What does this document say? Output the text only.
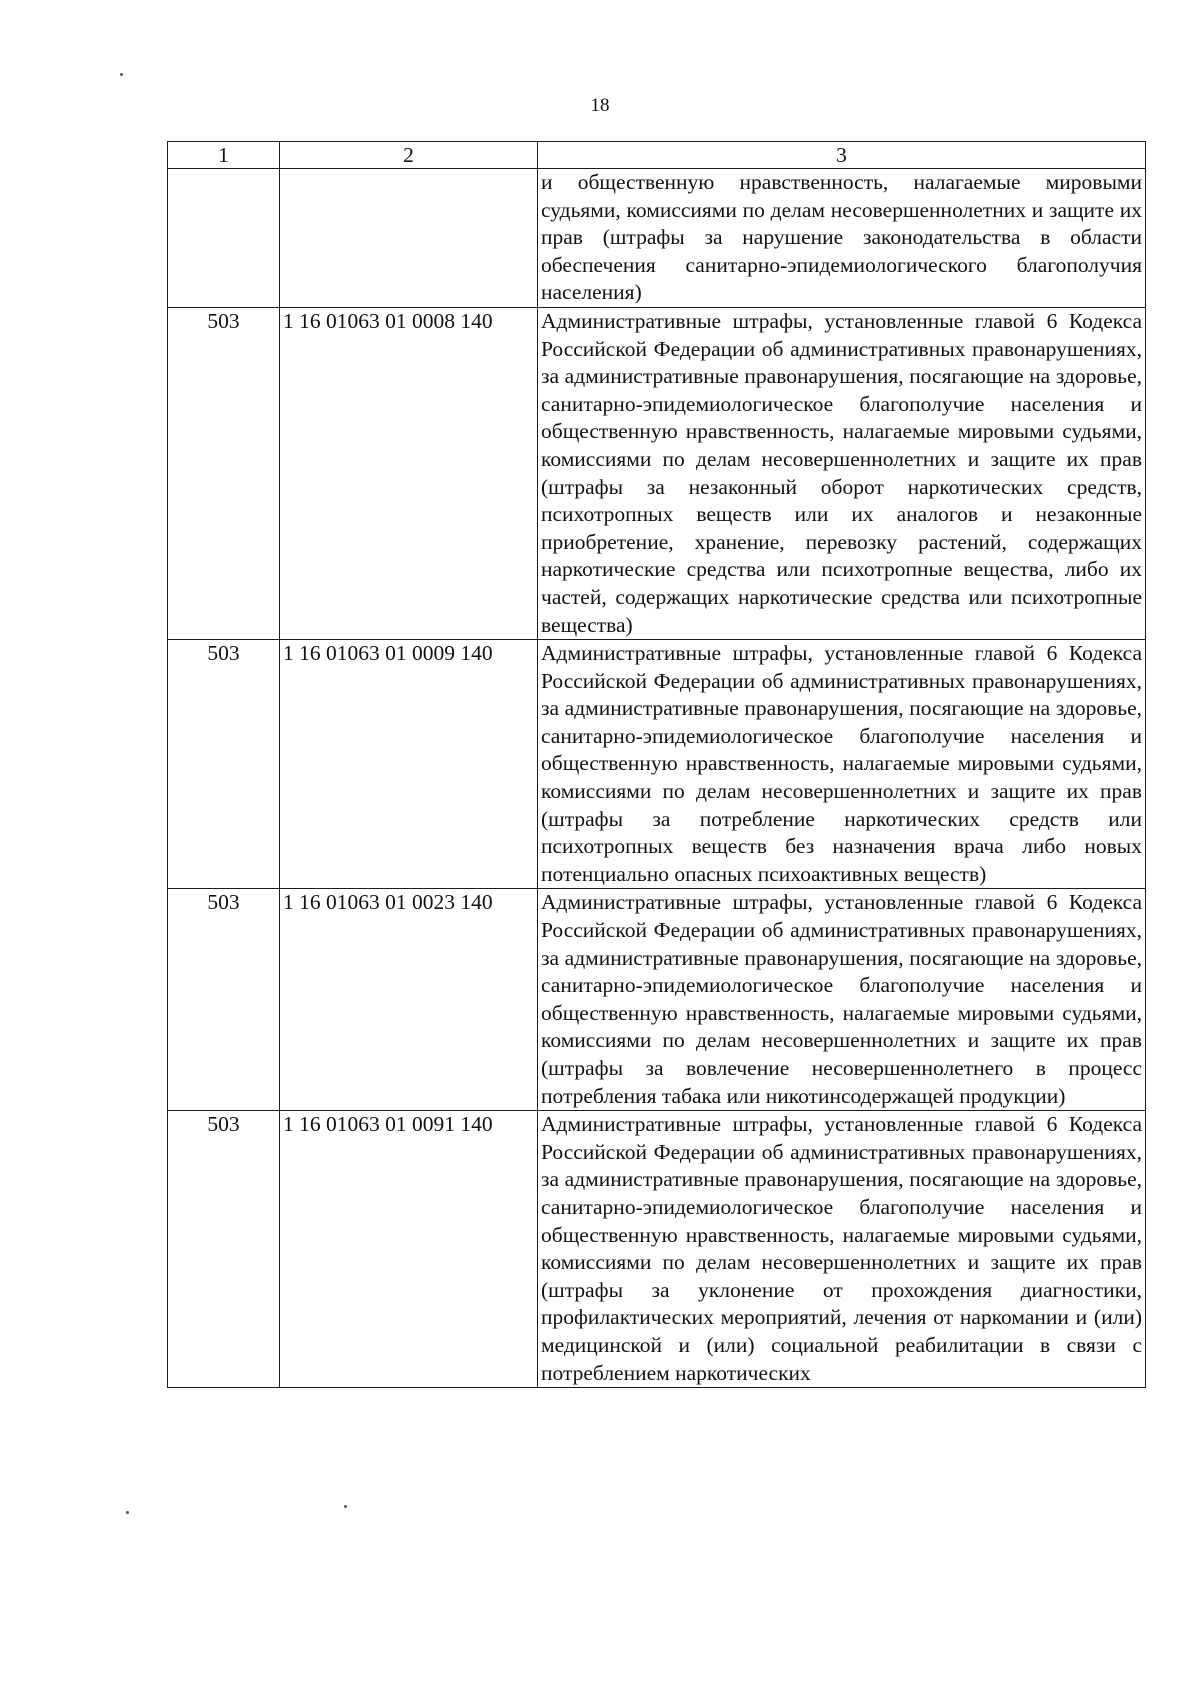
18
1	2	3
		и общественную нравственность, налагаемые мировыми судьями, комиссиями по делам несовершеннолетних и защите их прав (штрафы за нарушение законодательства в области обеспечения санитарно-эпидемиологического благополучия населения)
503	1 16 01063 01 0008 140	Административные штрафы, установленные главой 6 Кодекса Российской Федерации об административных правонарушениях, за административные правонарушения, посягающие на здоровье, санитарно-эпидемиологическое благополучие населения и общественную нравственность, налагаемые мировыми судьями, комиссиями по делам несовершеннолетних и защите их прав (штрафы за незаконный оборот наркотических средств, психотропных веществ или их аналогов и незаконные приобретение, хранение, перевозку растений, содержащих наркотические средства или психотропные вещества, либо их частей, содержащих наркотические средства или психотропные вещества)
503	1 16 01063 01 0009 140	Административные штрафы, установленные главой 6 Кодекса Российской Федерации об административных правонарушениях, за административные правонарушения, посягающие на здоровье, санитарно-эпидемиологическое благополучие населения и общественную нравственность, налагаемые мировыми судьями, комиссиями по делам несовершеннолетних и защите их прав (штрафы за потребление наркотических средств или психотропных веществ без назначения врача либо новых потенциально опасных психоактивных веществ)
503	1 16 01063 01 0023 140	Административные штрафы, установленные главой 6 Кодекса Российской Федерации об административных правонарушениях, за административные правонарушения, посягающие на здоровье, санитарно-эпидемиологическое благополучие населения и общественную нравственность, налагаемые мировыми судьями, комиссиями по делам несовершеннолетних и защите их прав (штрафы за вовлечение несовершеннолетнего в процесс потребления табака или никотинсодержащей продукции)
503	1 16 01063 01 0091 140	Административные штрафы, установленные главой 6 Кодекса Российской Федерации об административных правонарушениях, за административные правонарушения, посягающие на здоровье, санитарно-эпидемиологическое благополучие населения и общественную нравственность, налагаемые мировыми судьями, комиссиями по делам несовершеннолетних и защите их прав (штрафы за уклонение от прохождения диагностики, профилактических мероприятий, лечения от наркомании и (или) медицинской и (или) социальной реабилитации в связи с потреблением наркотических
